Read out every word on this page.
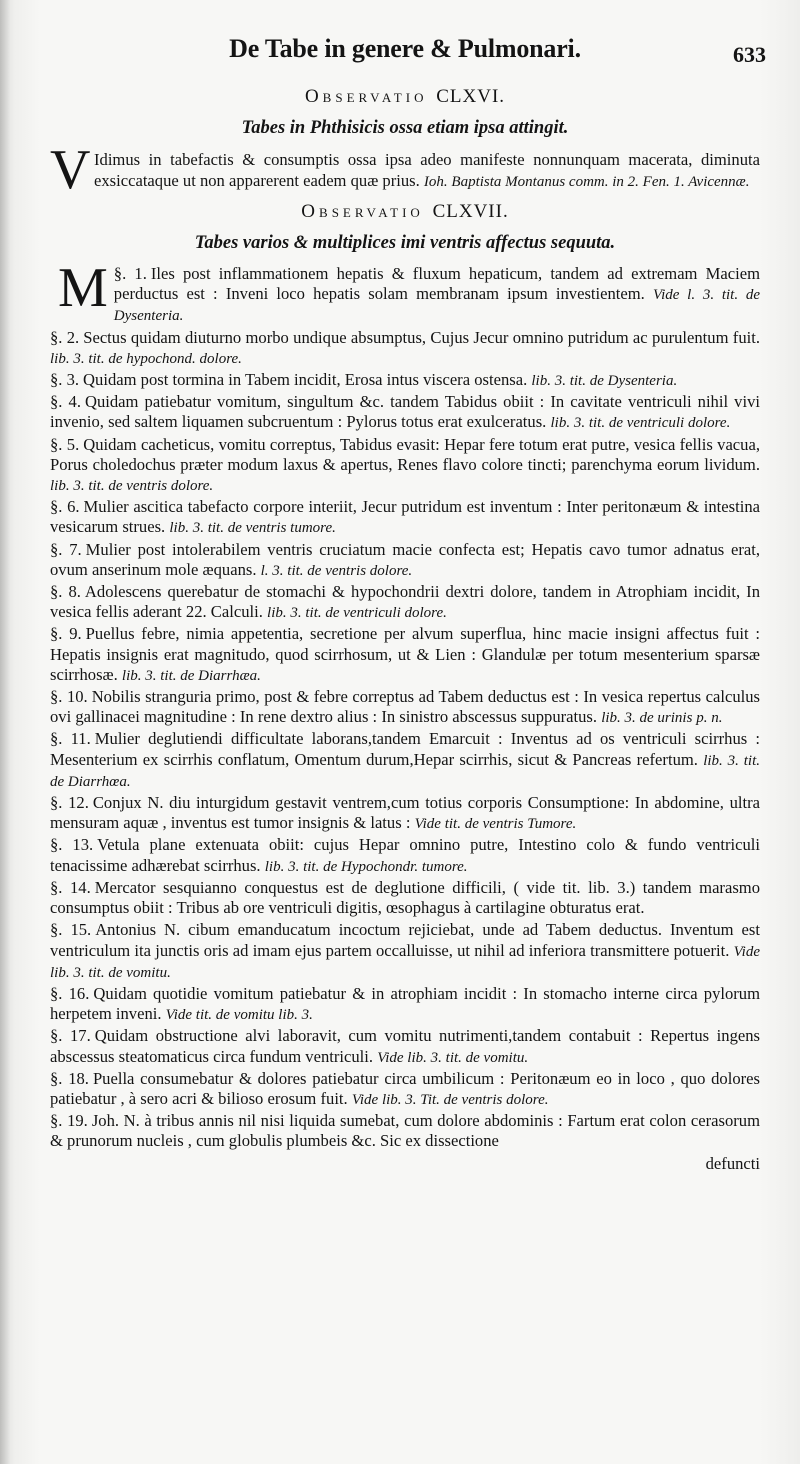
De Tabe in genere & Pulmonari.	633
Observatio CLXVI.
Tabes in Phthisicis ossa etiam ipsa attingit.

V Idimus in tabefactis & consumptis ossa ipsa adeo manifeste nonnunquam macerata, diminuta exsiccataque ut non apparerent eadem quæ prius. Ioh. Baptista Montanus comm. in 2. Fen. 1. Avicennæ.

Observatio CLXVII.
Tabes varios & multiplices imi ventris affectus sequuta.

§. 1.
M	Iles post inflammationem hepatis & fluxum hepaticum, tandem ad extremam Maciem perductus est : Inveni loco hepatis solam membranam ipsum investientem. Vide l. 3. tit. de Dysenteria.

§. 2. Sectus quidam diuturno morbo undique absumptus, Cujus Jecur omnino putridum ac purulentum fuit. lib. 3. tit. de hypochond. dolore.

§. 3. Quidam post tormina in Tabem incidit, Erosa intus viscera ostensa. lib. 3. tit. de Dysenteria.

§. 4. Quidam patiebatur vomitum, singultum &c. tandem Tabidus obiit : In cavitate ventriculi nihil vivi invenio, sed saltem liquamen subcruentum : Pylorus totus erat exulceratus. lib. 3. tit. de ventriculi dolore.

§. 5. Quidam cacheticus, vomitu correptus, Tabidus evasit: Hepar fere totum erat putre, vesica fellis vacua, Porus choledochus præter modum laxus & apertus, Renes flavo colore tincti; parenchyma eorum lividum. lib. 3. tit. de ventris dolore.

§. 6. Mulier ascitica tabefacto corpore interiit, Jecur putridum est inventum : Inter peritonæum & intestina vesicarum strues. lib. 3. tit. de ventris tumore.

§. 7. Mulier post intolerabilem ventris cruciatum macie confecta est; Hepatis cavo tumor adnatus erat, ovum anserinum mole æquans. l. 3. tit. de ventris dolore.

§. 8. Adolescens querebatur de stomachi & hypochondrii dextri dolore, tandem in Atrophiam incidit, In vesica fellis aderant 22. Calculi. lib. 3. tit. de ventriculi dolore.

§. 9. Puellus febre, nimia appetentia, secretione per alvum superflua, hinc macie insigni affectus fuit : Hepatis insignis erat magnitudo, quod scirrhosum, ut & Lien : Glandulæ per totum mesenterium sparsæ scirrhosæ. lib. 3. tit. de Diarrhæa.

§. 10. Nobilis stranguria primo, post & febre correptus ad Tabem deductus est : In vesica repertus calculus ovi gallinacei magnitudine : In rene dextro alius : In sinistro abscessus suppuratus. lib. 3. de urinis p. n.

§. 11. Mulier deglutiendi difficultate laborans,tandem Emarcuit : Inventus ad os ventriculi scirrhus : Mesenterium ex scirrhis conflatum, Omentum durum,Hepar scirrhis, sicut & Pancreas refertum. lib. 3. tit. de Diarrhœa.

§. 12. Conjux N. diu inturgidum gestavit ventrem,cum totius corporis Consumptione: In abdomine, ultra mensuram aquæ , inventus est tumor insignis & latus : Vide tit. de ventris Tumore.

§. 13. Vetula plane extenuata obiit: cujus Hepar omnino putre, Intestino colo & fundo ventriculi tenacissime adhærebat scirrhus. lib. 3. tit. de Hypochondr. tumore.

§. 14. Mercator sesquianno conquestus est de deglutione difficili, ( vide tit. lib. 3.) tandem marasmo consumptus obiit : Tribus ab ore ventriculi digitis, œsophagus à cartilagine obturatus erat.

§. 15. Antonius N. cibum emanducatum incoctum rejiciebat, unde ad Tabem deductus. Inventum est ventriculum ita junctis oris ad imam ejus partem occalluisse, ut nihil ad inferiora transmittere potuerit. Vide lib. 3. tit. de vomitu.

§. 16. Quidam quotidie vomitum patiebatur & in atrophiam incidit : In stomacho interne circa pylorum herpetem inveni. Vide tit. de vomitu lib. 3.

§. 17. Quidam obstructione alvi laboravit, cum vomitu nutrimenti,tandem contabuit : Repertus ingens abscessus steatomaticus circa fundum ventriculi. Vide lib. 3. tit. de vomitu.

§. 18. Puella consumebatur & dolores patiebatur circa umbilicum : Peritonæum eo in loco , quo dolores patiebatur , à sero acri & bilioso erosum fuit. Vide lib. 3. Tit. de ventris dolore.

§. 19. Joh. N. à tribus annis nil nisi liquida sumebat, cum dolore abdominis : Fartum erat colon cerasorum & prunorum nucleis , cum globulis plumbeis &c. Sic ex dissectione

defuncti
